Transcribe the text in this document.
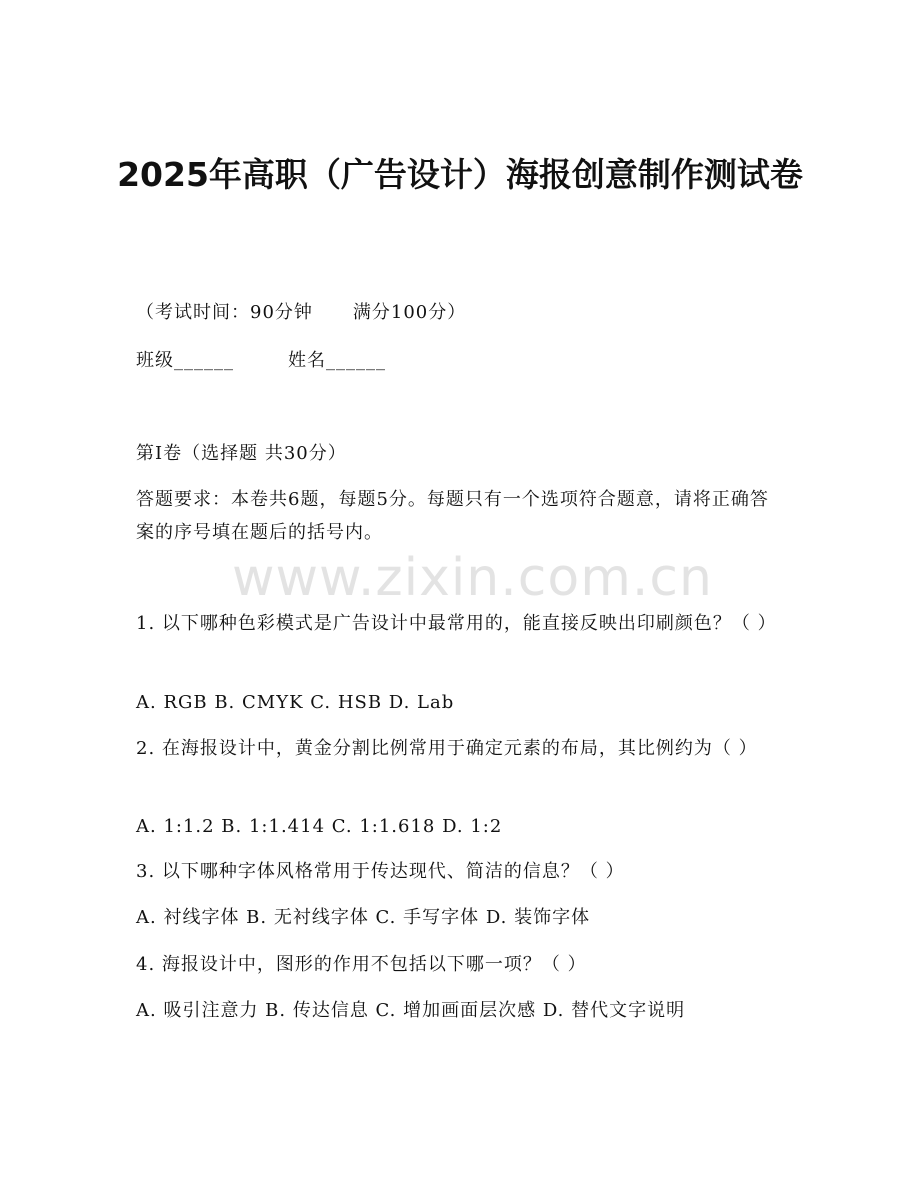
2025年高职（广告设计）海报创意制作测试卷
（考试时间：90分钟 满分100分）
班级______	姓名______
第I卷（选择题 共30分）
答题要求：本卷共6题，每题5分。每题只有一个选项符合题意，请将正确答案的序号填在题后的括号内。
www.zixin.com.cn
1. 以下哪种色彩模式是广告设计中最常用的，能直接反映出印刷颜色？（ ）
A. RGB B. CMYK C. HSB D. Lab
2. 在海报设计中，黄金分割比例常用于确定元素的布局，其比例约为（ ）
A. 1:1.2 B. 1:1.414 C. 1:1.618 D. 1:2
3. 以下哪种字体风格常用于传达现代、简洁的信息？（ ）
A. 衬线字体 B. 无衬线字体 C. 手写字体 D. 装饰字体
4. 海报设计中，图形的作用不包括以下哪一项？（ ）
A. 吸引注意力 B. 传达信息 C. 增加画面层次感 D. 替代文字说明
